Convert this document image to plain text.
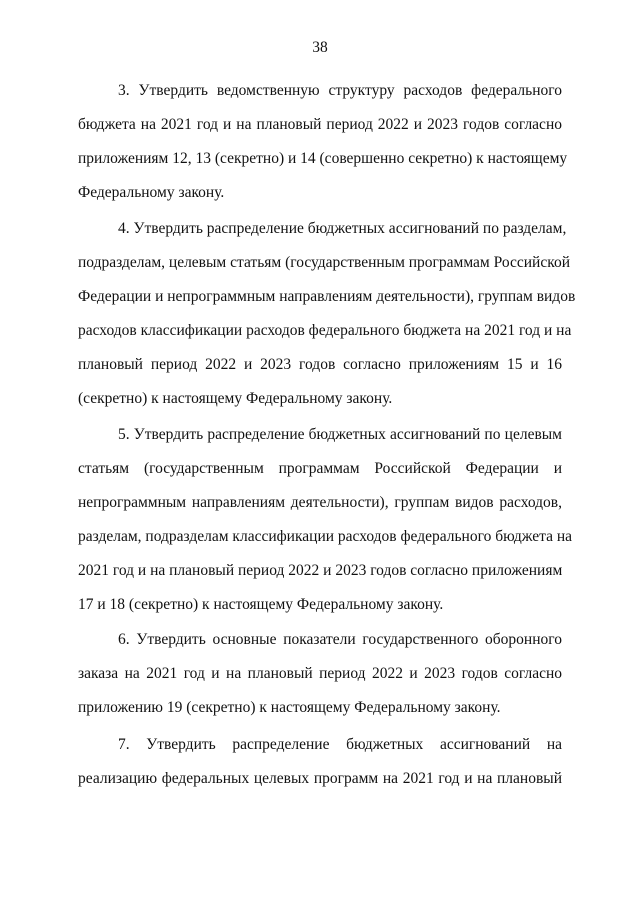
38
3. Утвердить ведомственную структуру расходов федерального
бюджета на 2021 год и на плановый период 2022 и 2023 годов согласно
приложениям 12, 13 (секретно) и 14 (совершенно секретно) к настоящему
Федеральному закону.
4. Утвердить распределение бюджетных ассигнований по разделам,
подразделам, целевым статьям (государственным программам Российской
Федерации и непрограммным направлениям деятельности), группам видов
расходов классификации расходов федерального бюджета на 2021 год и на
плановый период 2022 и 2023 годов согласно приложениям 15 и 16
(секретно) к настоящему Федеральному закону.
5. Утвердить распределение бюджетных ассигнований по целевым
статьям (государственным программам Российской Федерации и
непрограммным направлениям деятельности), группам видов расходов,
разделам, подразделам классификации расходов федерального бюджета на
2021 год и на плановый период 2022 и 2023 годов согласно приложениям
17 и 18 (секретно) к настоящему Федеральному закону.
6. Утвердить основные показатели государственного оборонного
заказа на 2021 год и на плановый период 2022 и 2023 годов согласно
приложению 19 (секретно) к настоящему Федеральному закону.
7. Утвердить распределение бюджетных ассигнований на
реализацию федеральных целевых программ на 2021 год и на плановый
